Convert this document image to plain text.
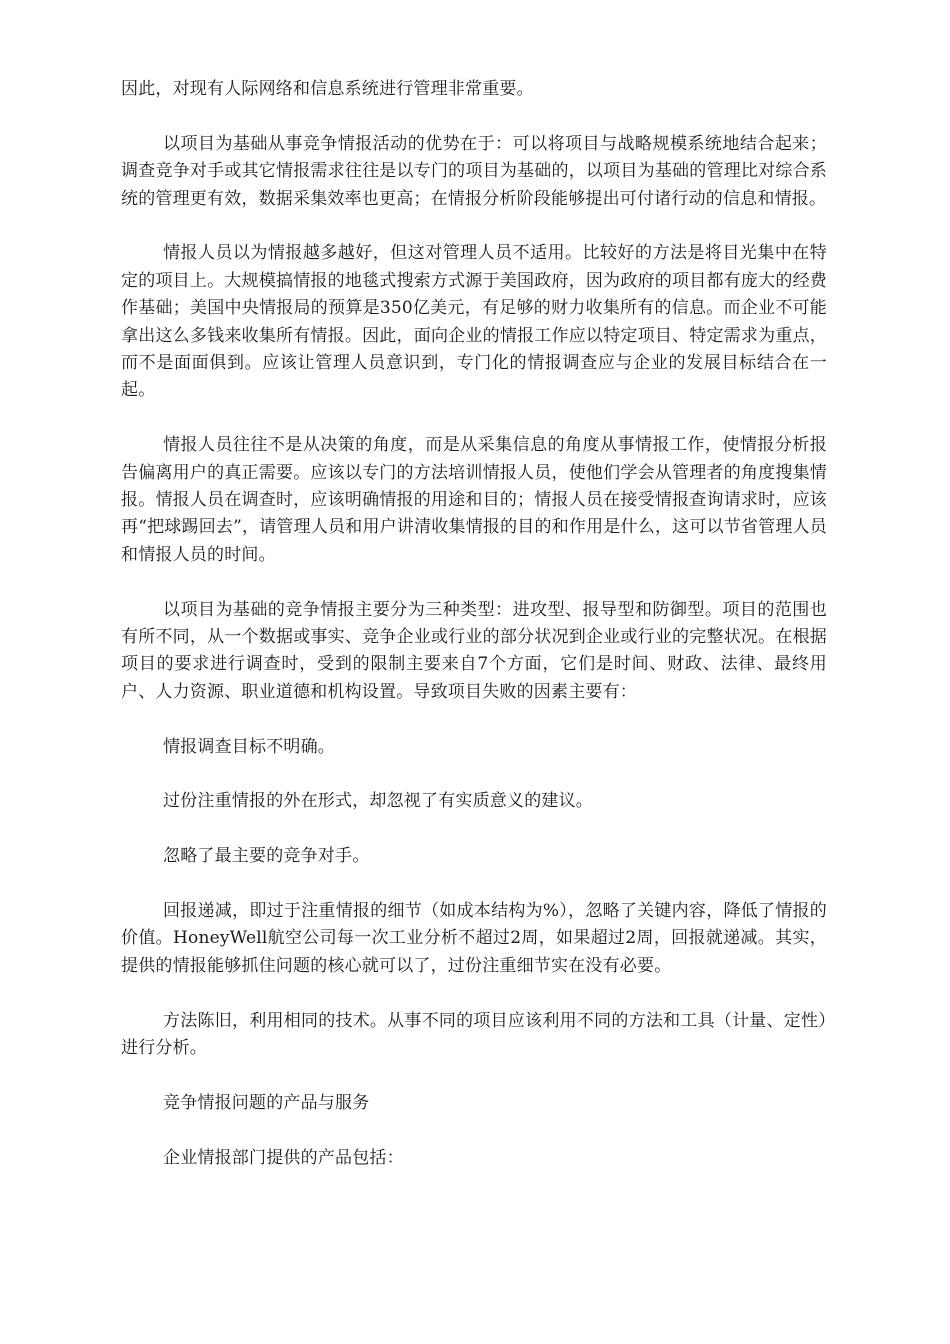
因此，对现有人际网络和信息系统进行管理非常重要。

以项目为基础从事竞争情报活动的优势在于：可以将项目与战略规模系统地结合起来；调查竞争对手或其它情报需求往往是以专门的项目为基础的，以项目为基础的管理比对综合系统的管理更有效，数据采集效率也更高；在情报分析阶段能够提出可付诸行动的信息和情报。

情报人员以为情报越多越好，但这对管理人员不适用。比较好的方法是将目光集中在特定的项目上。大规模搞情报的地毯式搜索方式源于美国政府，因为政府的项目都有庞大的经费作基础；美国中央情报局的预算是350亿美元，有足够的财力收集所有的信息。而企业不可能拿出这么多钱来收集所有情报。因此，面向企业的情报工作应以特定项目、特定需求为重点，而不是面面俱到。应该让管理人员意识到，专门化的情报调查应与企业的发展目标结合在一起。

情报人员往往不是从决策的角度，而是从采集信息的角度从事情报工作，使情报分析报告偏离用户的真正需要。应该以专门的方法培训情报人员，使他们学会从管理者的角度搜集情报。情报人员在调查时，应该明确情报的用途和目的；情报人员在接受情报查询请求时，应该再“把球踢回去”，请管理人员和用户讲清收集情报的目的和作用是什么，这可以节省管理人员和情报人员的时间。

以项目为基础的竞争情报主要分为三种类型：进攻型、报导型和防御型。项目的范围也有所不同，从一个数据或事实、竞争企业或行业的部分状况到企业或行业的完整状况。在根据项目的要求进行调查时，受到的限制主要来自7个方面，它们是时间、财政、法律、最终用户、人力资源、职业道德和机构设置。导致项目失败的因素主要有：

情报调查目标不明确。

过份注重情报的外在形式，却忽视了有实质意义的建议。

忽略了最主要的竞争对手。

回报递减，即过于注重情报的细节（如成本结构为%），忽略了关键内容，降低了情报的价值。HoneyWell航空公司每一次工业分析不超过2周，如果超过2周，回报就递减。其实，提供的情报能够抓住问题的核心就可以了，过份注重细节实在没有必要。

方法陈旧，利用相同的技术。从事不同的项目应该利用不同的方法和工具（计量、定性）进行分析。

竞争情报问题的产品与服务

企业情报部门提供的产品包括：
